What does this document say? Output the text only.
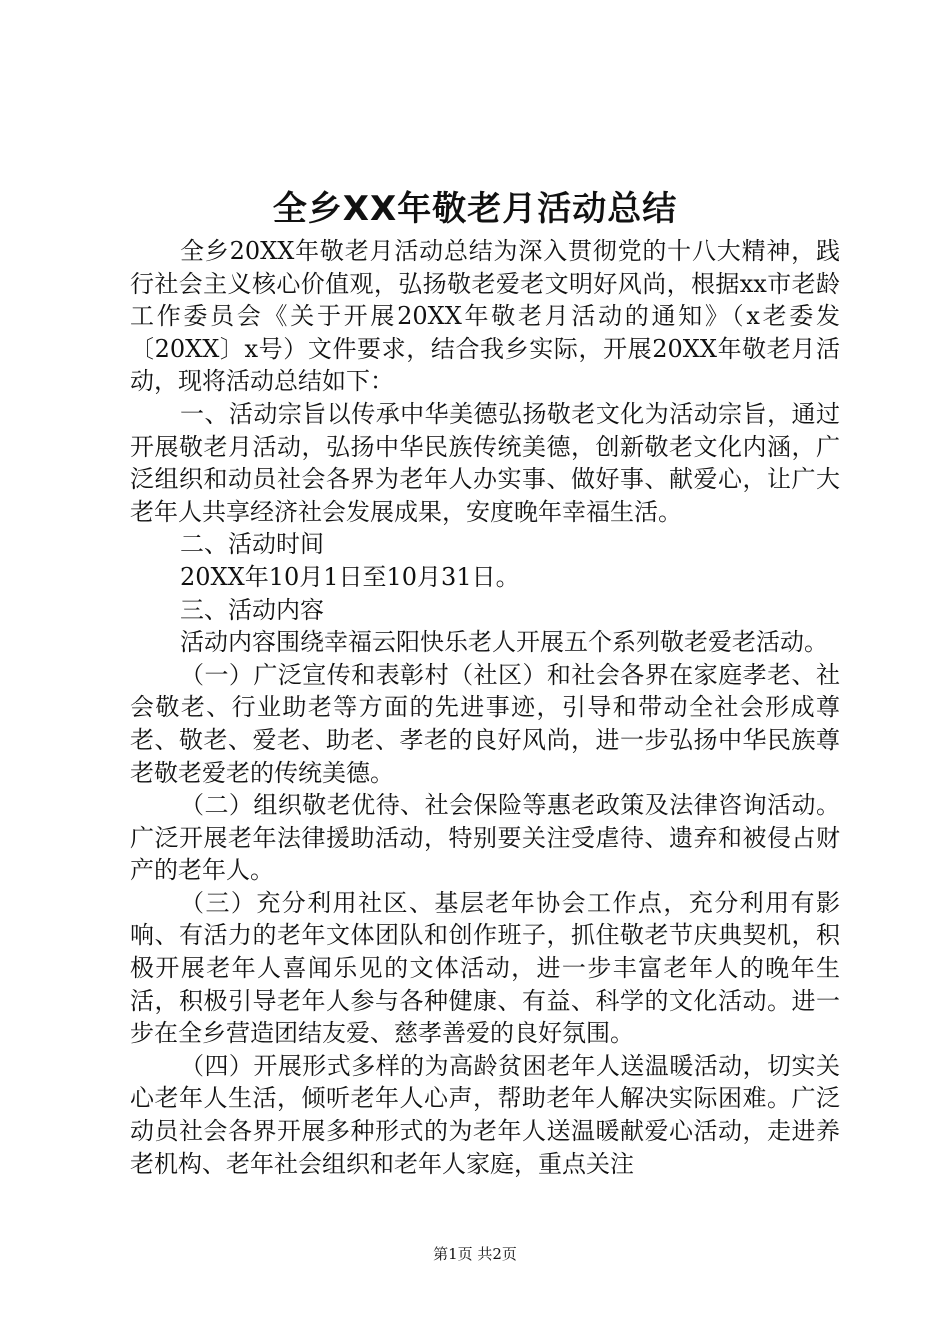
全乡XX年敬老月活动总结

全乡20XX年敬老月活动总结为深入贯彻党的十八大精神，践行社会主义核心价值观，弘扬敬老爱老文明好风尚，根据xx市老龄工作委员会《关于开展20XX年敬老月活动的通知》（x老委发〔20XX〕x号）文件要求，结合我乡实际，开展20XX年敬老月活动，现将活动总结如下：

一、活动宗旨以传承中华美德弘扬敬老文化为活动宗旨，通过开展敬老月活动，弘扬中华民族传统美德，创新敬老文化内涵，广泛组织和动员社会各界为老年人办实事、做好事、献爱心，让广大老年人共享经济社会发展成果，安度晚年幸福生活。

二、活动时间

20XX年10月1日至10月31日。

三、活动内容

活动内容围绕幸福云阳快乐老人开展五个系列敬老爱老活动。

（一）广泛宣传和表彰村（社区）和社会各界在家庭孝老、社会敬老、行业助老等方面的先进事迹，引导和带动全社会形成尊老、敬老、爱老、助老、孝老的良好风尚，进一步弘扬中华民族尊老敬老爱老的传统美德。

（二）组织敬老优待、社会保险等惠老政策及法律咨询活动。广泛开展老年法律援助活动，特别要关注受虐待、遗弃和被侵占财产的老年人。

（三）充分利用社区、基层老年协会工作点，充分利用有影响、有活力的老年文体团队和创作班子，抓住敬老节庆典契机，积极开展老年人喜闻乐见的文体活动，进一步丰富老年人的晚年生活，积极引导老年人参与各种健康、有益、科学的文化活动。进一步在全乡营造团结友爱、慈孝善爱的良好氛围。

（四）开展形式多样的为高龄贫困老年人送温暖活动，切实关心老年人生活，倾听老年人心声，帮助老年人解决实际困难。广泛动员社会各界开展多种形式的为老年人送温暖献爱心活动，走进养老机构、老年社会组织和老年人家庭，重点关注

第1页 共2页
